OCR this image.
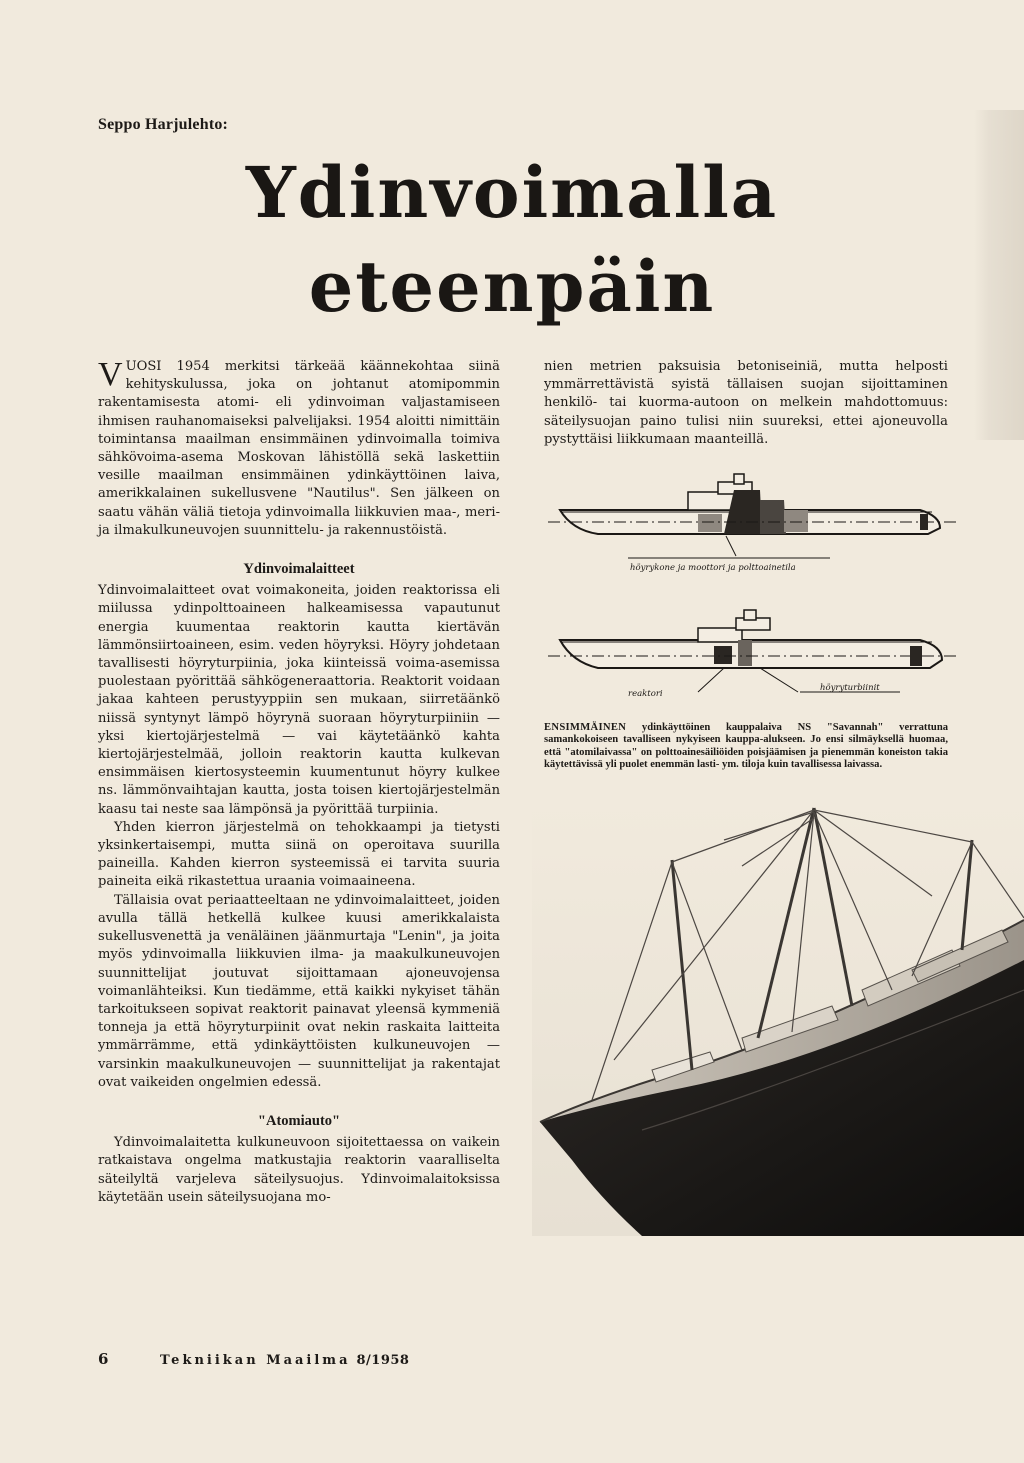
Seppo Harjulehto:
Ydinvoimalla
eteenpäin

VUOSI 1954 merkitsi tärkeää käännekohtaa siinä kehityskulussa, joka on johtanut atomipommin rakentamisesta atomi- eli ydinvoiman valjastamiseen ihmisen rauhanomaiseksi palvelijaksi. 1954 aloitti nimittäin toimintansa maailman ensimmäinen ydinvoimalla toimiva sähkövoima-asema Moskovan lähistöllä sekä laskettiin vesille maailman ensimmäinen ydinkäyttöinen laiva, amerikkalainen sukellusvene "Nautilus". Sen jälkeen on saatu vähän väliä tietoja ydinvoimalla liikkuvien maa-, meri- ja ilmakulkuneuvojen suunnittelu- ja rakennustöistä.

Ydinvoimalaitteet

Ydinvoimalaitteet ovat voimakoneita, joiden reaktorissa eli miilussa ydinpolttoaineen halkeamisessa vapautunut energia kuumentaa reaktorin kautta kiertävän lämmönsiirtoaineen, esim. veden höyryksi. Höyry johdetaan tavallisesti höyryturpiinia, joka kiinteissä voima-asemissa puolestaan pyörittää sähkögeneraattoria. Reaktorit voidaan jakaa kahteen perustyyppiin sen mukaan, siirretäänkö niissä syntynyt lämpö höyrynä suoraan höyryturpiiniin — yksi kiertojärjestelmä — vai käytetäänkö kahta kiertojärjestelmää, jolloin reaktorin kautta kulkevan ensimmäisen kiertosysteemin kuumentunut höyry kulkee ns. lämmönvaihtajan kautta, josta toisen kiertojärjestelmän kaasu tai neste saa lämpönsä ja pyörittää turpiinia.

Yhden kierron järjestelmä on tehokkaampi ja tietysti yksinkertaisempi, mutta siinä on operoitava suurilla paineilla. Kahden kierron systeemissä ei tarvita suuria paineita eikä rikastettua uraania voimaaineena.

Tällaisia ovat periaatteeltaan ne ydinvoimalaitteet, joiden avulla tällä hetkellä kulkee kuusi amerikkalaista sukellusvenettä ja venäläinen jäänmurtaja "Lenin", ja joita myös ydinvoimalla liikkuvien ilma- ja maakulkuneuvojen suunnittelijat joutuvat sijoittamaan ajoneuvojensa voimanlähteiksi. Kun tiedämme, että kaikki nykyiset tähän tarkoitukseen sopivat reaktorit painavat yleensä kymmeniä tonneja ja että höyryturpiinit ovat nekin raskaita laitteita ymmärrämme, että ydinkäyttöisten kulkuneuvojen — varsinkin maakulkuneuvojen — suunnittelijat ja rakentajat ovat vaikeiden ongelmien edessä.

"Atomiauto"

Ydinvoimalaitetta kulkuneuvoon sijoitettaessa on vaikein ratkaistava ongelma matkustajia reaktorin vaaralliselta säteilyltä varjeleva säteilysuojus. Ydinvoimalaitoksissa käytetään usein säteilysuojana mo-

nien metrien paksuisia betoniseiniä, mutta helposti ymmärrettävistä syistä tällaisen suojan sijoittaminen henkilö- tai kuorma-autoon on melkein mahdottomuus: säteilysuojan paino tulisi niin suureksi, ettei ajoneuvolla pystyttäisi liikkumaan maanteillä.

höyrykone ja moottori ja polttoainetila
reaktori
höyryturbiinit
ENSIMMÄINEN ydinkäyttöinen kauppalaiva NS "Savannah" verrattuna samankokoiseen tavalliseen nykyiseen kauppa-alukseen. Jo ensi silmäyksellä huomaa, että "atomilaivassa" on polttoainesäiliöiden poisjäämisen ja pienemmän koneiston takia käytettävissä yli puolet enemmän lasti- ym. tiloja kuin tavallisessa laivassa.
6	Tekniikan Maailma 8/1958
